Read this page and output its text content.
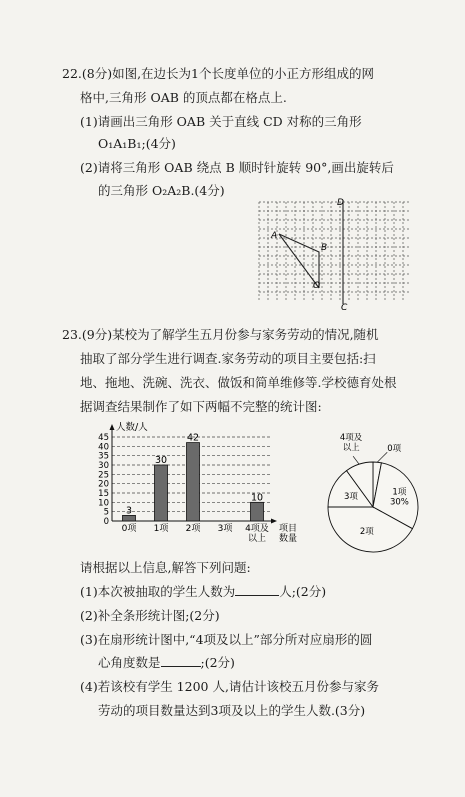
22.(8分)如图,在边长为1个长度单位的小正方形组成的网
格中,三角形 OAB 的顶点都在格点上.
(1)请画出三角形 OAB 关于直线 CD 对称的三角形
O₁A₁B₁;(4分)
(2)请将三角形 OAB 绕点 B 顺时针旋转 90°,画出旋转后
的三角形 O₂A₂B.(4分)
D
A
B
O
C
23.(9分)某校为了解学生五月份参与家务劳动的情况,随机
抽取了部分学生进行调查.家务劳动的项目主要包括:扫
地、拖地、洗碗、洗衣、做饭和简单维修等.学校德育处根
据调查结果制作了如下两幅不完整的统计图:
0
5
10
15
20
25
30
35
40
45
人数/人
3
0项
30
1项
42
2项 3项
10
4项及
以上
项目
数量
0项
1项
30%
2项
3项
4项及
以上
请根据以上信息,解答下列问题:
(1)本次被抽取的学生人数为	人;(2分)
(2)补全条形统计图;(2分)
(3)在扇形统计图中,“4项及以上”部分所对应扇形的圆
心角度数是	;(2分)
(4)若该校有学生 1200 人,请估计该校五月份参与家务
劳动的项目数量达到3项及以上的学生人数.(3分)
